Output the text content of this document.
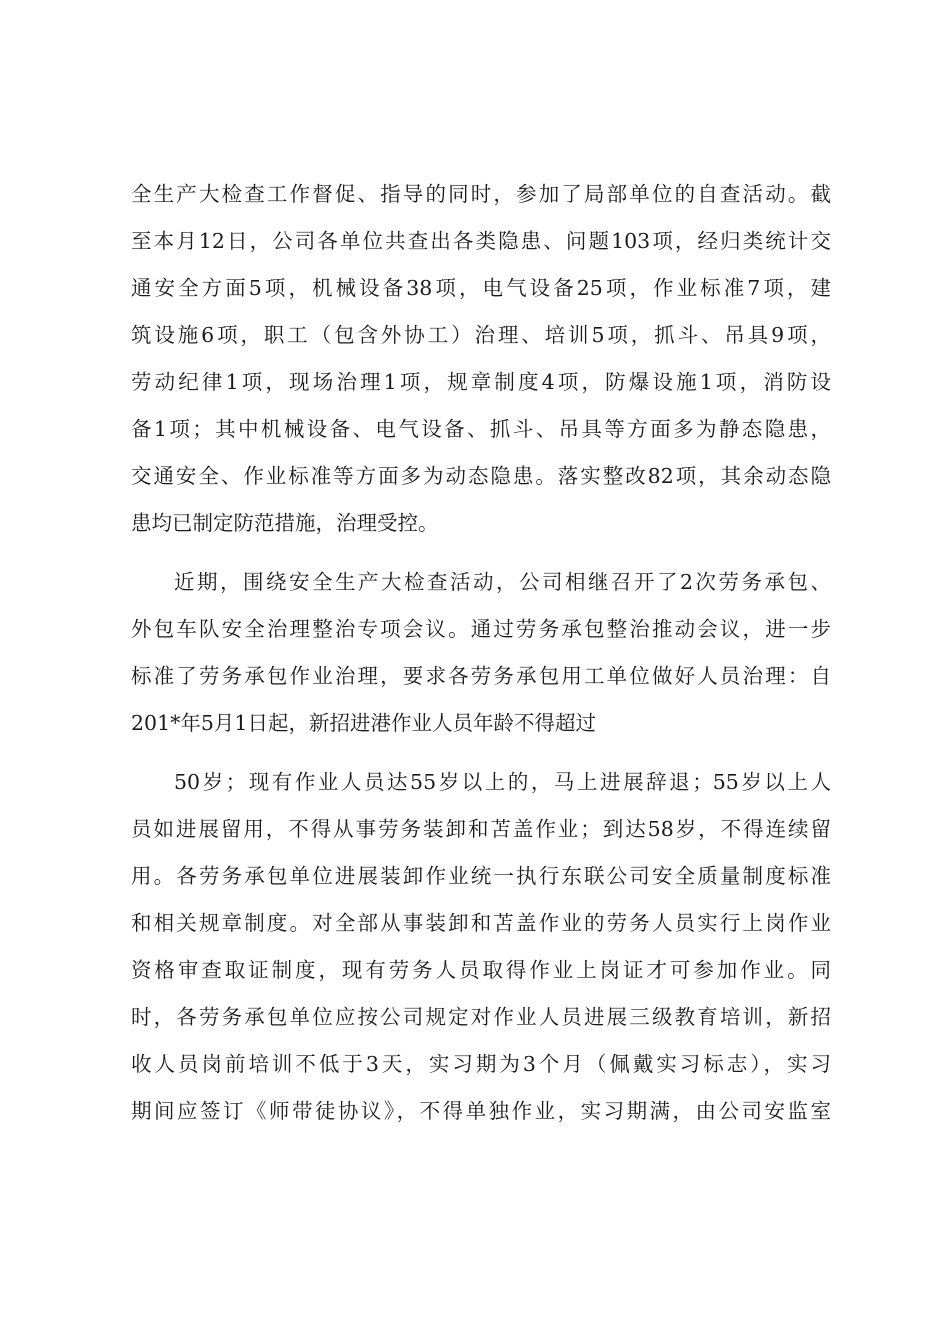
全生产大检查工作督促、指导的同时，参加了局部单位的自查活动。截
至本月12日，公司各单位共查出各类隐患、问题103项，经归类统计交
通安全方面5项，机械设备38项，电气设备25项，作业标准7项，建
筑设施6项，职工（包含外协工）治理、培训5项，抓斗、吊具9项，
劳动纪律1项，现场治理1项，规章制度4项，防爆设施1项，消防设
备1项；其中机械设备、电气设备、抓斗、吊具等方面多为静态隐患，
交通安全、作业标准等方面多为动态隐患。落实整改82项，其余动态隐
患均已制定防范措施，治理受控。
近期，围绕安全生产大检查活动，公司相继召开了2次劳务承包、
外包车队安全治理整治专项会议。通过劳务承包整治推动会议，进一步
标准了劳务承包作业治理，要求各劳务承包用工单位做好人员治理：自
201*年5月1日起，新招进港作业人员年龄不得超过
50岁；现有作业人员达55岁以上的，马上进展辞退；55岁以上人
员如进展留用，不得从事劳务装卸和苫盖作业；到达58岁，不得连续留
用。各劳务承包单位进展装卸作业统一执行东联公司安全质量制度标准
和相关规章制度。对全部从事装卸和苫盖作业的劳务人员实行上岗作业
资格审查取证制度，现有劳务人员取得作业上岗证才可参加作业。同
时，各劳务承包单位应按公司规定对作业人员进展三级教育培训，新招
收人员岗前培训不低于3天，实习期为3个月（佩戴实习标志），实习
期间应签订《师带徒协议》，不得单独作业，实习期满，由公司安监室
